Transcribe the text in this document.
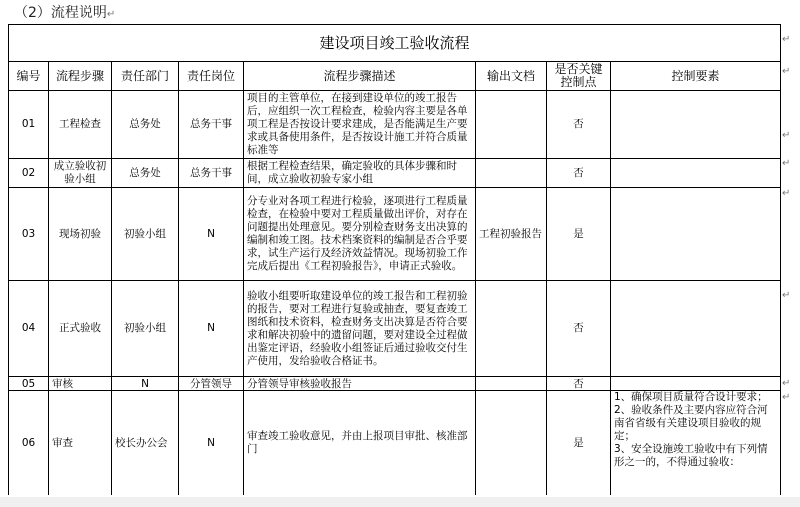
（2）流程说明↵
建设项目竣工验收流程							
编号	流程步骤	责任部门	责任岗位	流程步骤描述	输出文档	是否关键控制点	控制要素
01	工程检查	总务处	总务干事	项目的主管单位，在接到建设单位的竣工报告后，应组织一次工程检查，检验内容主要是各单项工程是否按设计要求建成，是否能满足生产要求或具备使用条件，是否按设计施工并符合质量标准等		否	
02	成立验收初验小组	总务处	总务干事	根据工程检查结果，确定验收的具体步骤和时间，成立验收初验专家小组		否	
03	现场初验	初验小组	N	分专业对各项工程进行检验，逐项进行工程质量检查，在检验中要对工程质量做出评价，对存在问题提出处理意见。要分别检查财务支出决算的编制和竣工图。技术档案资料的编制是否合乎要求，试生产运行及经济效益情况。现场初验工作完成后提出《工程初验报告》，申请正式验收。	工程初验报告	是	
04	正式验收	初验小组	N	验收小组要听取建设单位的竣工报告和工程初验的报告，要对工程进行复验或抽查，要复查竣工图纸和技术资料，检查财务支出决算是否符合要求和解决初验中的遗留问题，要对建设全过程做出鉴定评语，经验收小组签证后通过验收交付生产使用，发给验收合格证书。		否	
05	审核	N	分管领导	分管领导审核验收报告		否	
06	审查	校长办公会	N	审查竣工验收意见，并由上报项目审批、核准部门		是	1、确保项目质量符合设计要求；
2、验收条件及主要内容应符合河南省省级有关建设项目验收的规定；
3、安全设施竣工验收中有下列情形之一的，不得通过验收：
↵
↵
↵
↵
↵
↵
↵
↵
